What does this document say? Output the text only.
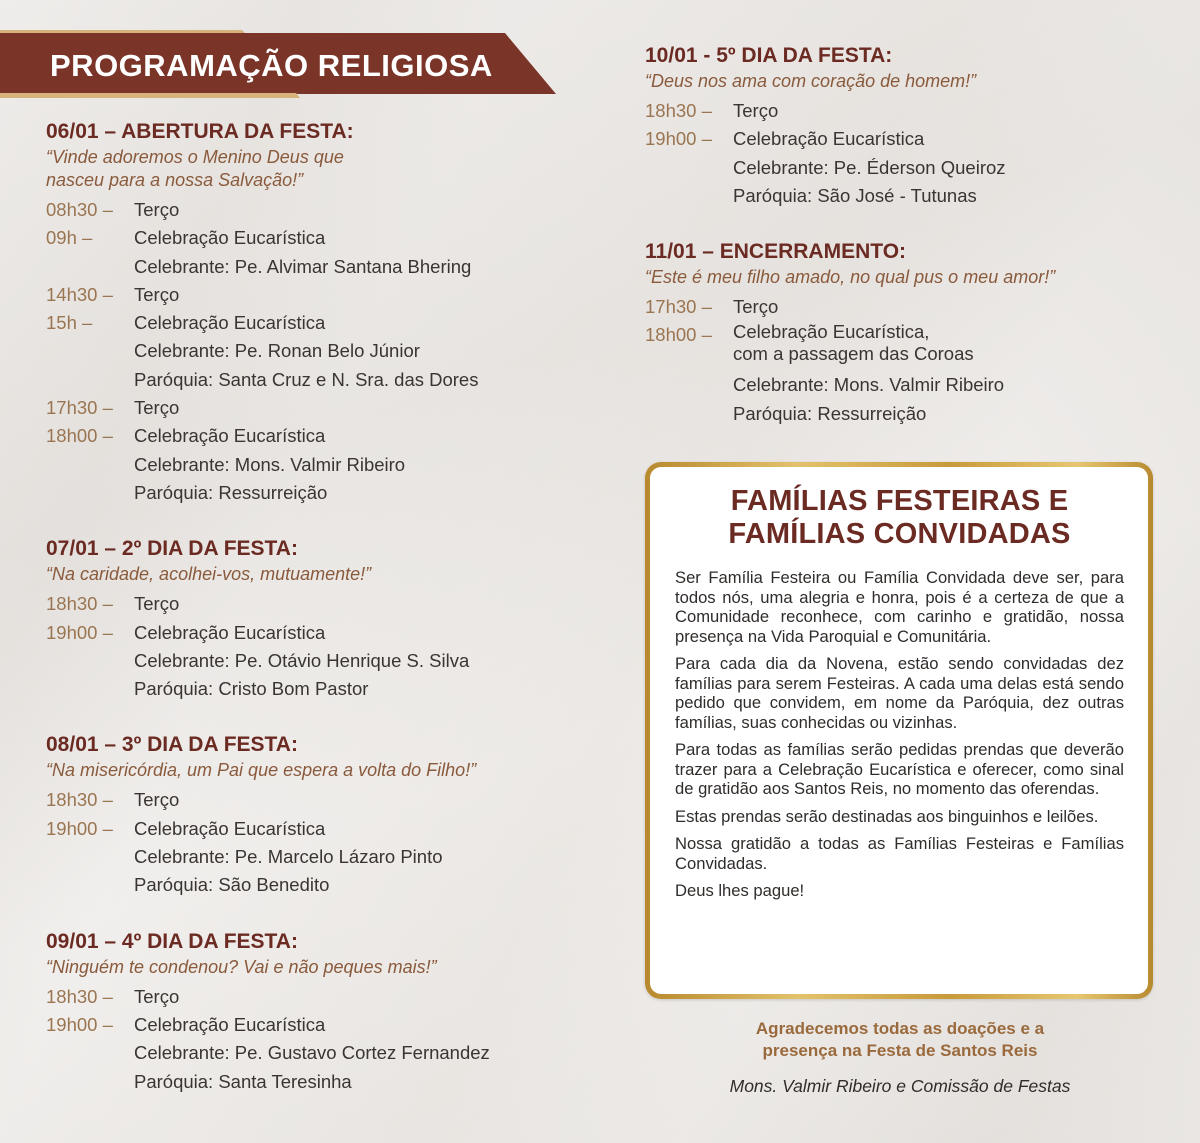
PROGRAMAÇÃO RELIGIOSA
06/01 – ABERTURA DA FESTA:
“Vinde adoremos o Menino Deus que
nasceu para a nossa Salvação!”
08h30 –	Terço
09h –	Celebração Eucarística
Celebrante: Pe. Alvimar Santana Bhering
14h30 –	Terço
15h –	Celebração Eucarística
Celebrante: Pe. Ronan Belo Júnior
Paróquia: Santa Cruz e N. Sra. das Dores
17h30 –	Terço
18h00 –	Celebração Eucarística
Celebrante: Mons. Valmir Ribeiro
Paróquia: Ressurreição
07/01 – 2º DIA DA FESTA:
“Na caridade, acolhei-vos, mutuamente!”
18h30 –	Terço
19h00 –	Celebração Eucarística
Celebrante: Pe. Otávio Henrique S. Silva
Paróquia: Cristo Bom Pastor
08/01 – 3º DIA DA FESTA:
“Na misericórdia, um Pai que espera a volta do Filho!”
18h30 –	Terço
19h00 –	Celebração Eucarística
Celebrante: Pe. Marcelo Lázaro Pinto
Paróquia: São Benedito
09/01 – 4º DIA DA FESTA:
“Ninguém te condenou? Vai e não peques mais!”
18h30 –	Terço
19h00 –	Celebração Eucarística
Celebrante: Pe. Gustavo Cortez Fernandez
Paróquia: Santa Teresinha
10/01 - 5º DIA DA FESTA:
“Deus nos ama com coração de homem!”
18h30 –	Terço
19h00 –	Celebração Eucarística
Celebrante: Pe. Éderson Queiroz
Paróquia: São José - Tutunas
11/01 – ENCERRAMENTO:
“Este é meu filho amado, no qual pus o meu amor!”
17h30 –	Terço
18h00 –	Celebração Eucarística,
com a passagem das Coroas
Celebrante: Mons. Valmir Ribeiro
Paróquia: Ressurreição
FAMÍLIAS FESTEIRAS E
FAMÍLIAS CONVIDADAS

Ser Família Festeira ou Família Convidada deve ser, para todos nós, uma alegria e honra, pois é a certeza de que a Comunidade reconhece, com carinho e gratidão, nossa presença na Vida Paroquial e Comunitária.

Para cada dia da Novena, estão sendo convidadas dez famílias para serem Festeiras. A cada uma delas está sendo pedido que convidem, em nome da Paróquia, dez outras famílias, suas conhecidas ou vizinhas.

Para todas as famílias serão pedidas prendas que deverão trazer para a Celebração Eucarística e oferecer, como sinal de gratidão aos Santos Reis, no momento das oferendas.

Estas prendas serão destinadas aos binguinhos e leilões.

Nossa gratidão a todas as Famílias Festeiras e Famílias Convidadas.

Deus lhes pague!

Agradecemos todas as doações e a
presença na Festa de Santos Reis
Mons. Valmir Ribeiro e Comissão de Festas
